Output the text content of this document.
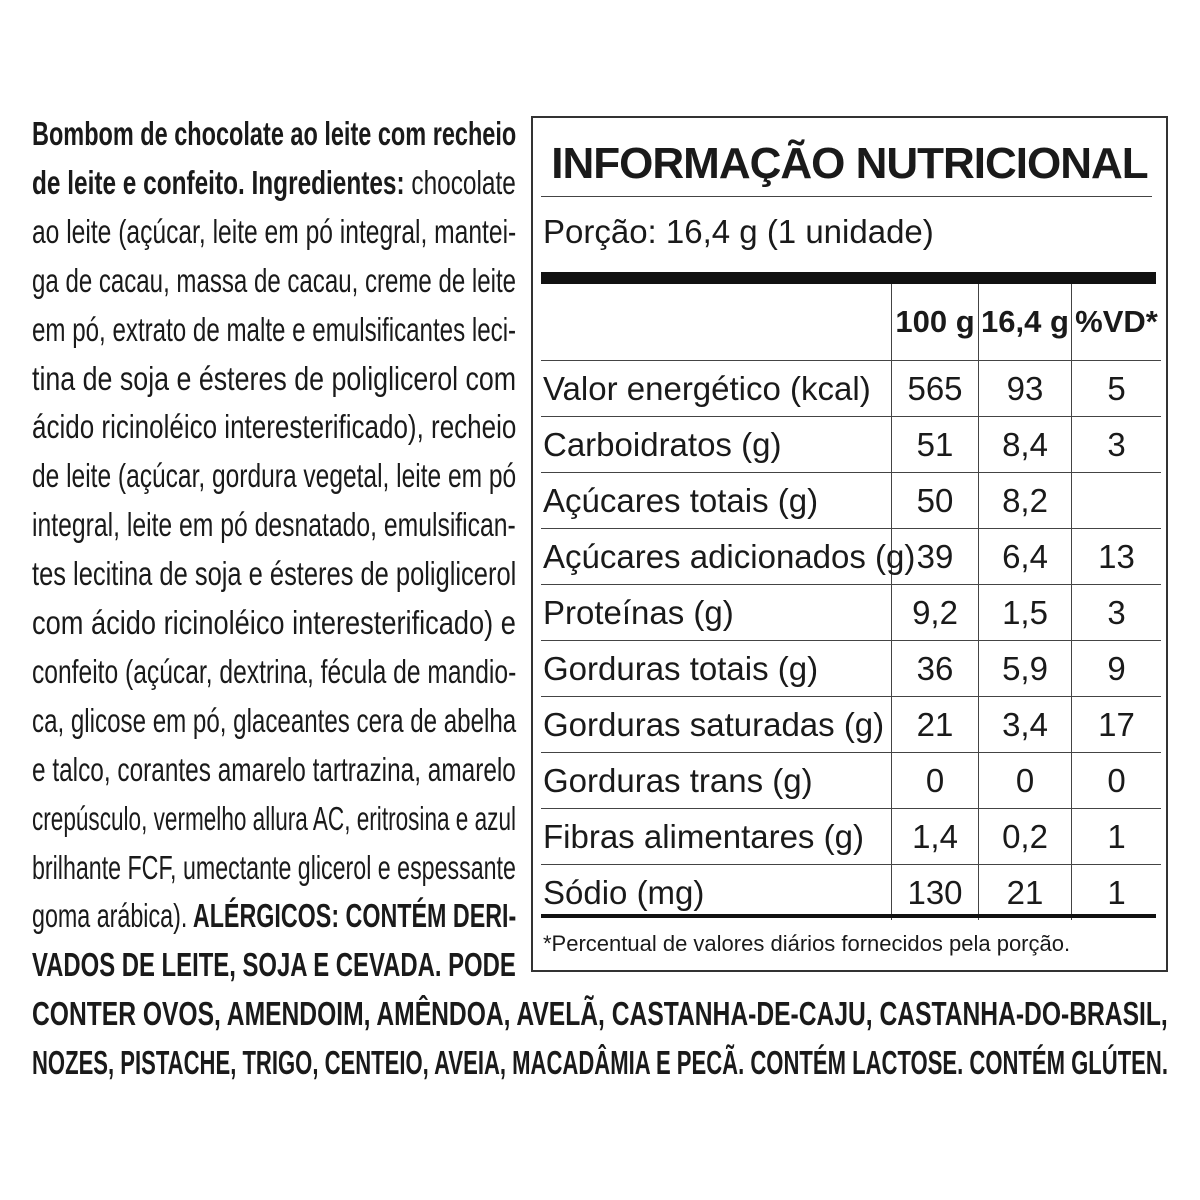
Bombom de chocolate ao leite com recheio
de leite e confeito. Ingredientes: chocolate
ao leite (açúcar, leite em pó integral, mantei-
ga de cacau, massa de cacau, creme de leite
em pó, extrato de malte e emulsificantes leci-
tina de soja e ésteres de poliglicerol com
ácido ricinoléico interesterificado), recheio
de leite (açúcar, gordura vegetal, leite em pó
integral, leite em pó desnatado, emulsifican-
tes lecitina de soja e ésteres de poliglicerol
com ácido ricinoléico interesterificado) e
confeito (açúcar, dextrina, fécula de mandio-
ca, glicose em pó, glaceantes cera de abelha
e talco, corantes amarelo tartrazina, amarelo
crepúsculo, vermelho allura AC, eritrosina e azul
brilhante FCF, umectante glicerol e espessante
goma arábica). ALÉRGICOS: CONTÉM DERI-
VADOS DE LEITE, SOJA E CEVADA. PODE
CONTER OVOS, AMENDOIM, AMÊNDOA, AVELÃ, CASTANHA-DE-CAJU, CASTANHA-DO-BRASIL,
NOZES, PISTACHE, TRIGO, CENTEIO, AVEIA, MACADÂMIA E PECÃ. CONTÉM LACTOSE. CONTÉM GLÚTEN.
INFORMAÇÃO NUTRICIONAL
Porção: 16,4 g (1 unidade)
	100 g	16,4 g	%VD*
Valor energético (kcal)	565	93	5
Carboidratos (g)	51	8,4	3
Açúcares totais (g)	50	8,2	
Açúcares adicionados (g)	39	6,4	13
Proteínas (g)	9,2	1,5	3
Gorduras totais (g)	36	5,9	9
Gorduras saturadas (g)	21	3,4	17
Gorduras trans (g)	0	0	0
Fibras alimentares (g)	1,4	0,2	1
Sódio (mg)	130	21	1
*Percentual de valores diários fornecidos pela porção.
